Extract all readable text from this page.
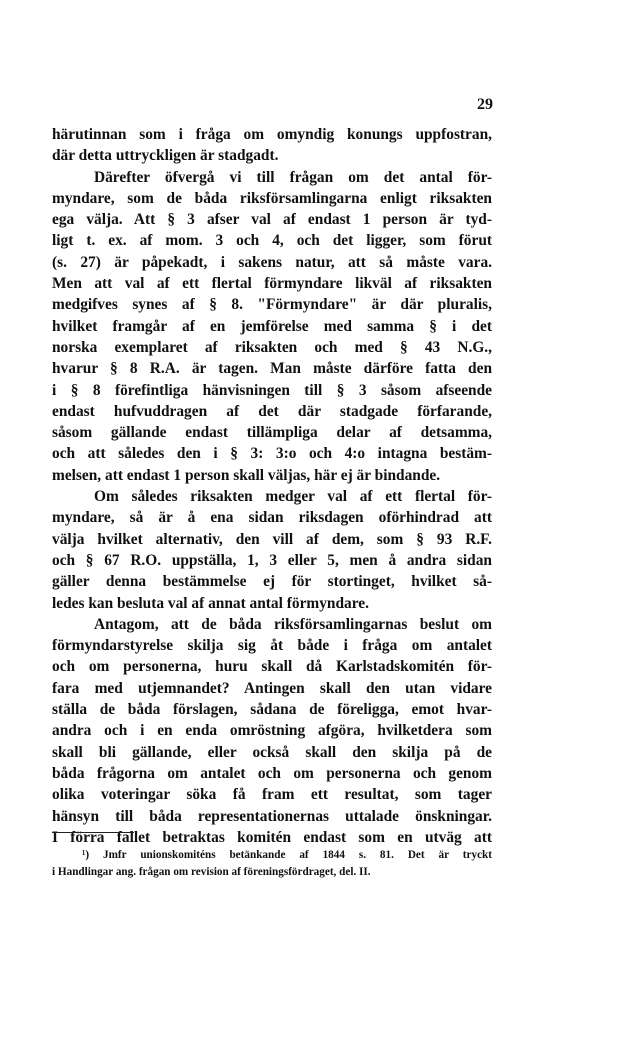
29
härutinnan som i fråga om omyndig konungs uppfostran,
där detta uttryckligen är stadgadt.
Därefter öfvergå vi till frågan om det antal för-
myndare, som de båda riksförsamlingarna enligt riksakten
ega välja. Att § 3 afser val af endast 1 person är tyd-
ligt t. ex. af mom. 3 och 4, och det ligger, som förut
(s. 27) är påpekadt, i sakens natur, att så måste vara.
Men att val af ett flertal förmyndare likväl af riksakten
medgifves synes af § 8. "Förmyndare" är där pluralis,
hvilket framgår af en jemförelse med samma § i det
norska exemplaret af riksakten och med § 43 N.G.,
hvarur § 8 R.A. är tagen. Man måste därföre fatta den
i § 8 förefintliga hänvisningen till § 3 såsom afseende
endast hufvuddragen af det där stadgade förfarande,
såsom gällande endast tillämpliga delar af detsamma,
och att således den i § 3: 3:o och 4:o intagna bestäm-
melsen, att endast 1 person skall väljas, här ej är bindande.
Om således riksakten medger val af ett flertal för-
myndare, så är å ena sidan riksdagen oförhindrad att
välja hvilket alternativ, den vill af dem, som § 93 R.F.
och § 67 R.O. uppställa, 1, 3 eller 5, men å andra sidan
gäller denna bestämmelse ej för stortinget, hvilket så-
ledes kan besluta val af annat antal förmyndare.
Antagom, att de båda riksförsamlingarnas beslut om
förmyndarstyrelse skilja sig åt både i fråga om antalet
och om personerna, huru skall då Karlstadskomitén för-
fara med utjemnandet? Antingen skall den utan vidare
ställa de båda förslagen, sådana de föreligga, emot hvar-
andra och i en enda omröstning afgöra, hvilketdera som
skall bli gällande, eller också skall den skilja på de
båda frågorna om antalet och om personerna och genom
olika voteringar söka få fram ett resultat, som tager
hänsyn till båda representationernas uttalade önskningar.
I förra fallet betraktas komitén endast som en utväg att
¹) Jmfr unionskomiténs betänkande af 1844 s. 81. Det är tryckt
i Handlingar ang. frågan om revision af föreningsfördraget, del. II.
